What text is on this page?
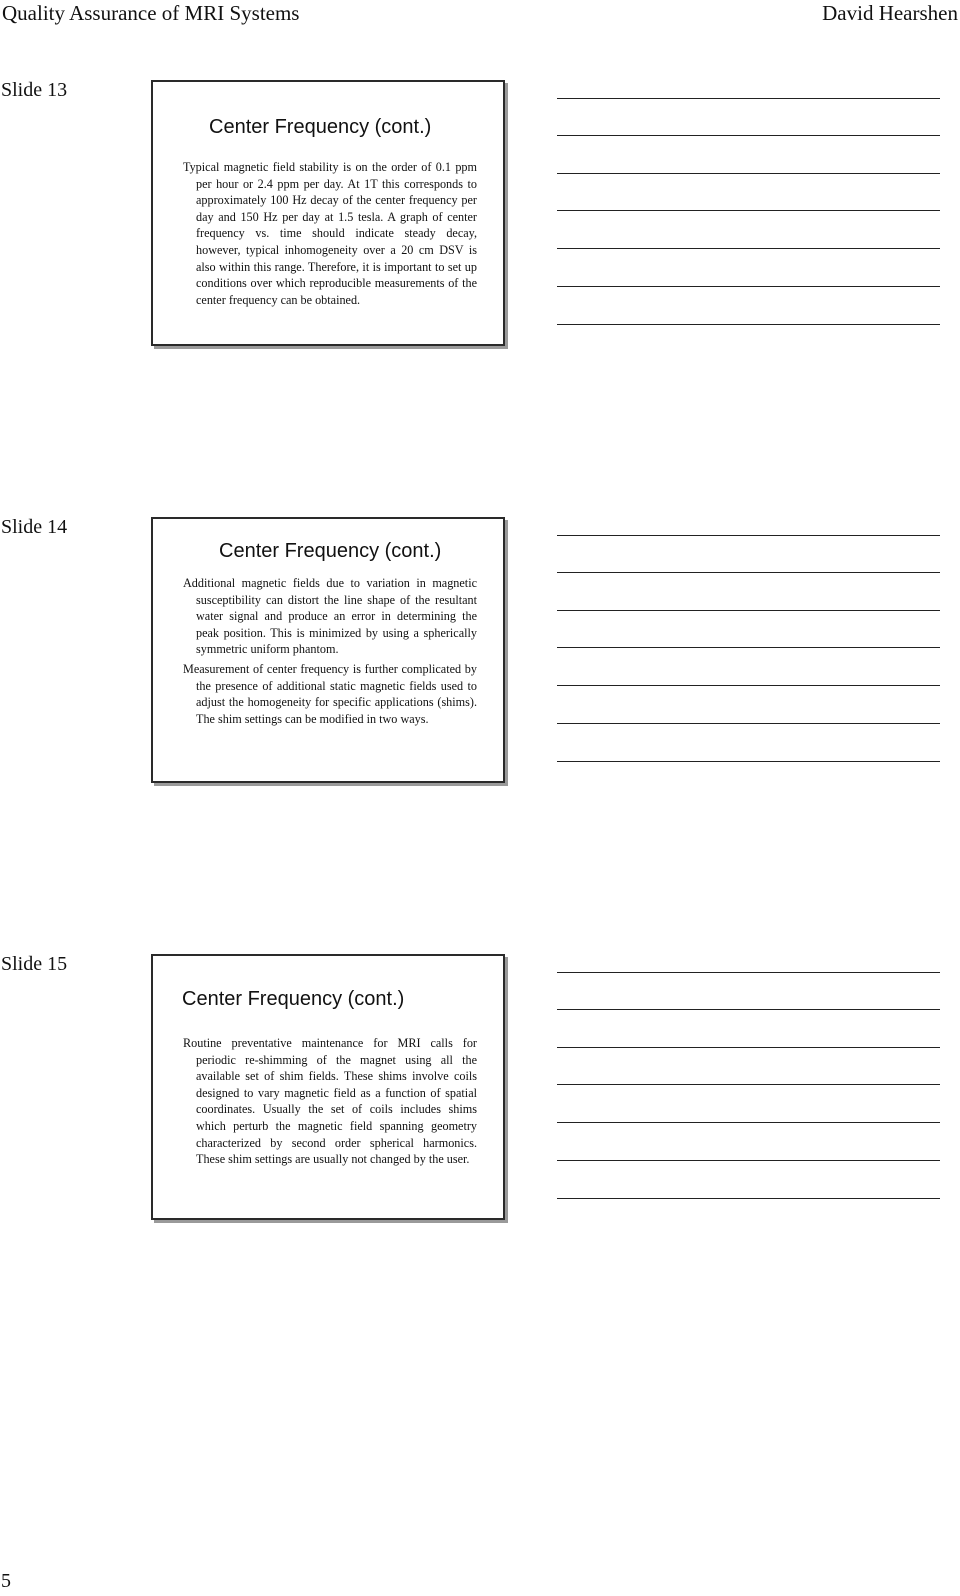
Quality Assurance of MRI Systems	David Hearshen
Slide 13
Center Frequency (cont.)

Typical magnetic field stability is on the order of 0.1 ppm per hour or 2.4 ppm per day. At 1T this corresponds to approximately 100 Hz decay of the center frequency per day and 150 Hz per day at 1.5 tesla. A graph of center frequency vs. time should indicate steady decay, however, typical inhomogeneity over a 20 cm DSV is also within this range. Therefore, it is important to set up conditions over which reproducible measurements of the center frequency can be obtained.

Slide 14
Center Frequency (cont.)

Additional magnetic fields due to variation in magnetic susceptibility can distort the line shape of the resultant water signal and produce an error in determining the peak position. This is minimized by using a spherically symmetric uniform phantom.

Measurement of center frequency is further complicated by the presence of additional static magnetic fields used to adjust the homogeneity for specific applications (shims). The shim settings can be modified in two ways.

Slide 15
Center Frequency (cont.)

Routine preventative maintenance for MRI calls for periodic re-shimming of the magnet using all the available set of shim fields. These shims involve coils designed to vary magnetic field as a function of spatial coordinates. Usually the set of coils includes shims which perturb the magnetic field spanning geometry characterized by second order spherical harmonics. These shim settings are usually not changed by the user.

5
